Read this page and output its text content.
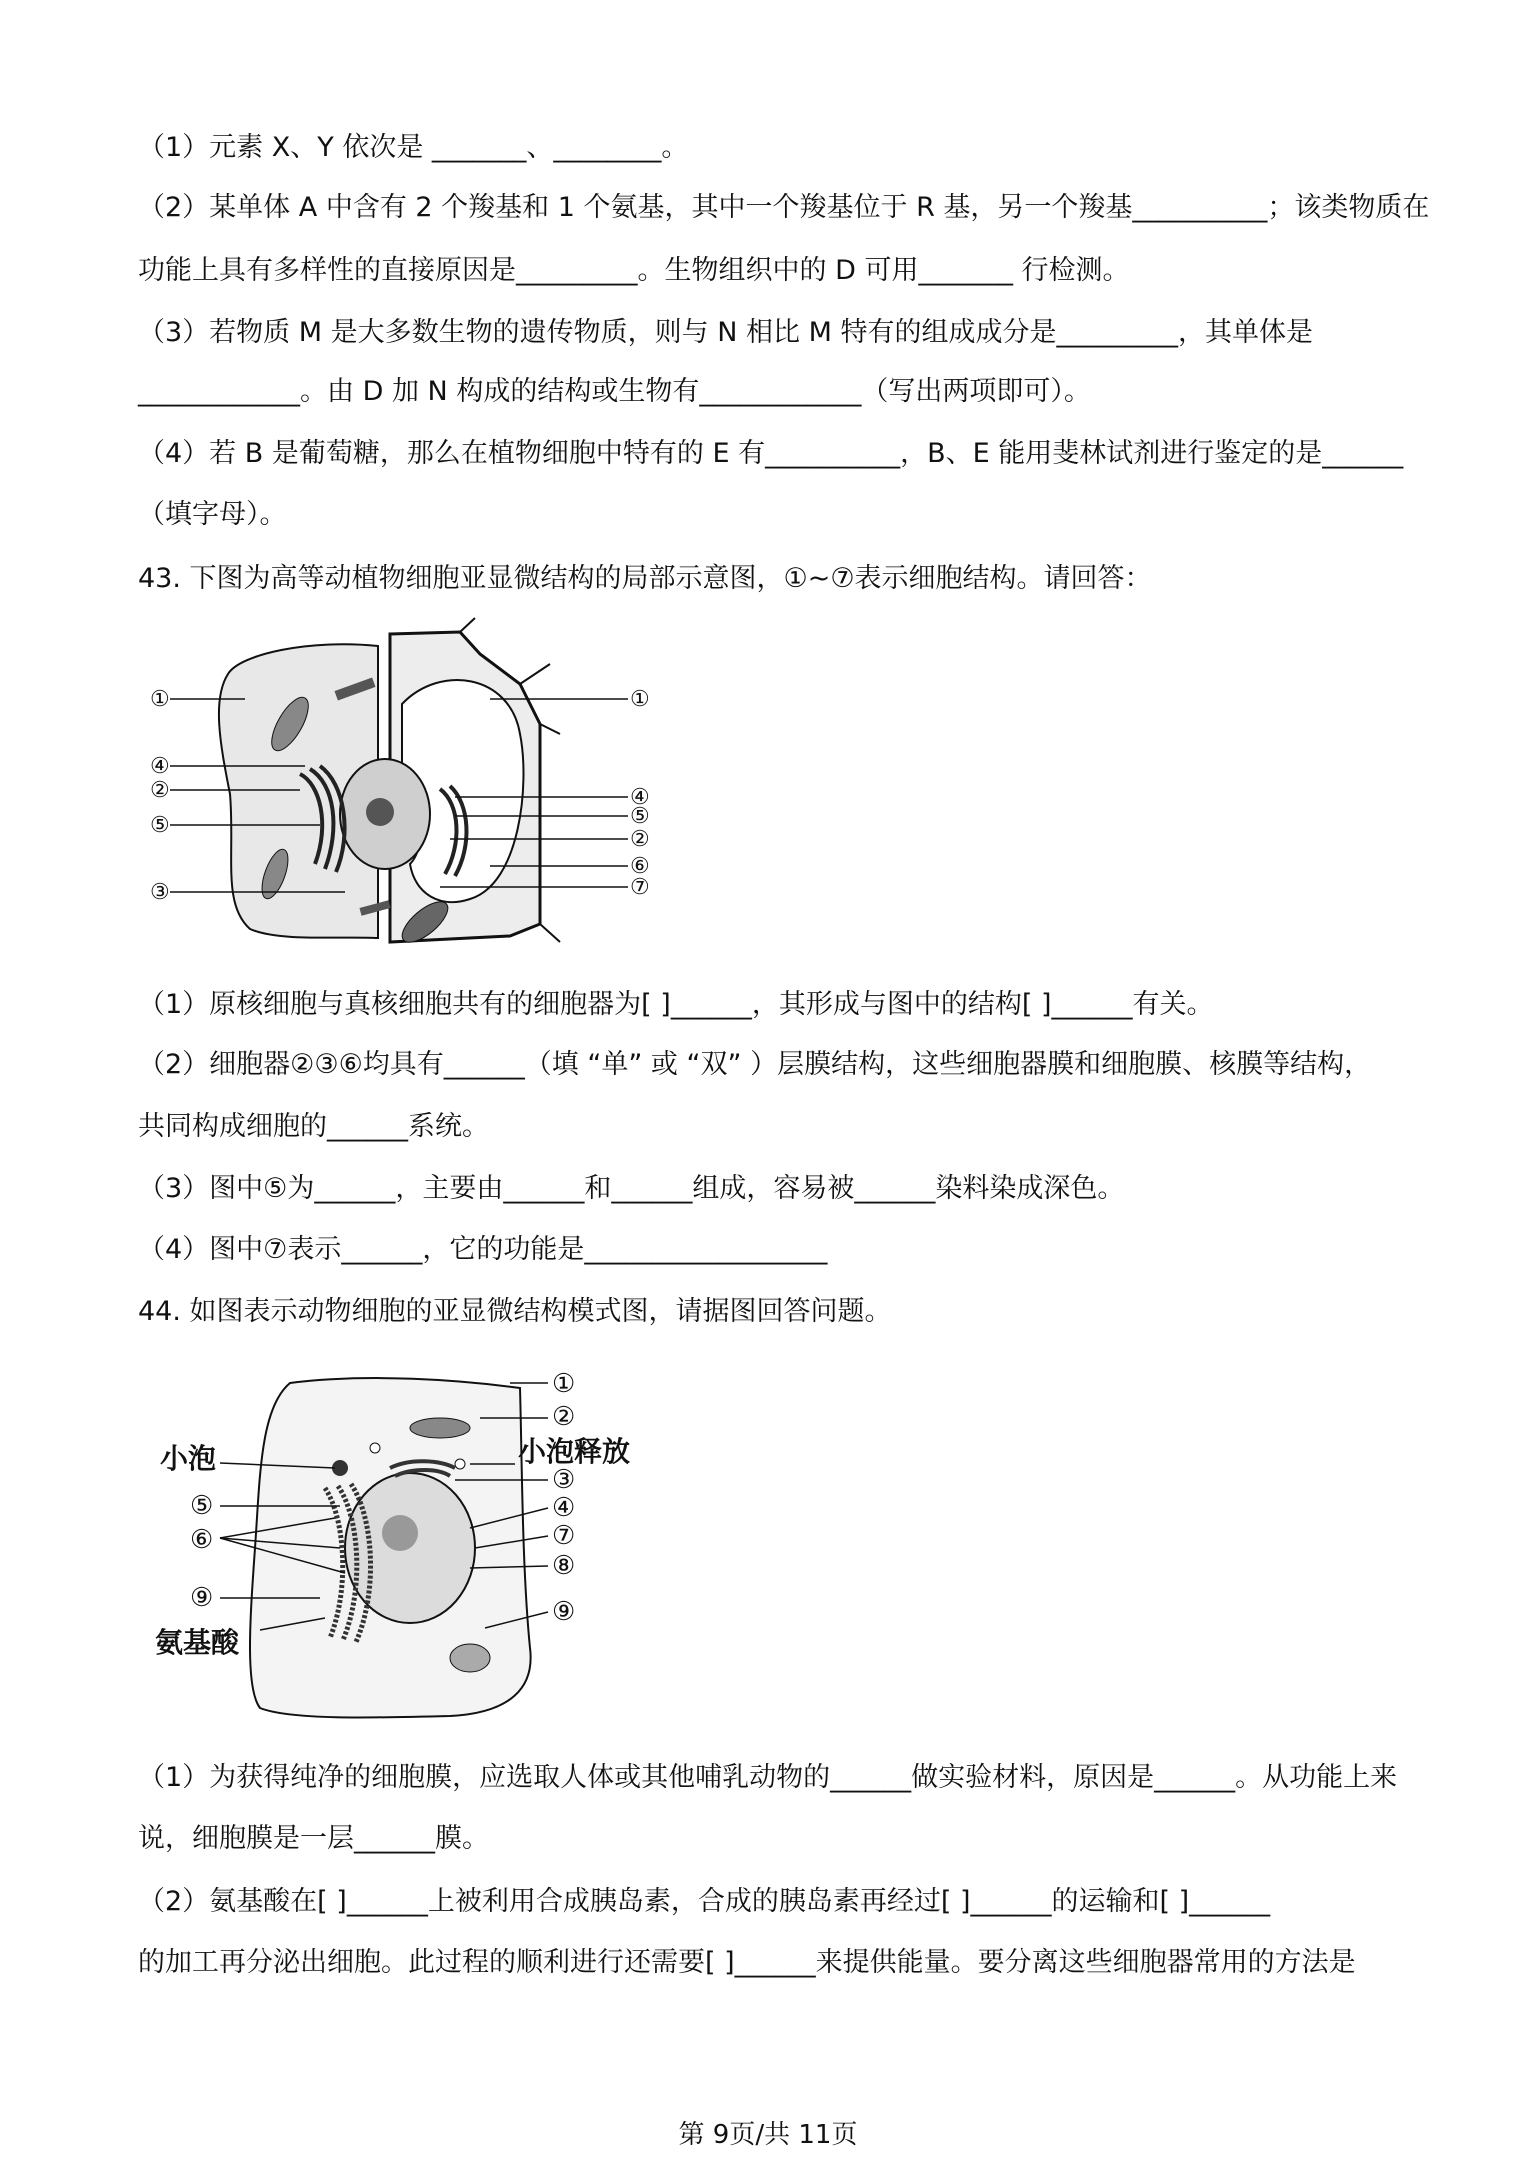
（1）元素 X、Y 依次是 _______、________。
（2）某单体 A 中含有 2 个羧基和 1 个氨基，其中一个羧基位于 R 基，另一个羧基__________；该类物质在
功能上具有多样性的直接原因是_________。生物组织中的 D 可用_______ 行检测。
（3）若物质 M 是大多数生物的遗传物质，则与 N 相比 M 特有的组成成分是_________，其单体是
____________。由 D 加 N 构成的结构或生物有____________（写出两项即可）。
（4）若 B 是葡萄糖，那么在植物细胞中特有的 E 有__________，B、E 能用斐林试剂进行鉴定的是______
（填字母）。
43. 下图为高等动植物细胞亚显微结构的局部示意图，①~⑦表示细胞结构。请回答：
①
④
②
⑤
③
①
④
⑤
②
⑥
⑦
（1）原核细胞与真核细胞共有的细胞器为[ ]______，其形成与图中的结构[ ]______有关。
（2）细胞器②③⑥均具有______（填 “单” 或 “双” ）层膜结构，这些细胞器膜和细胞膜、核膜等结构，
共同构成细胞的______系统。
（3）图中⑤为______，主要由______和______组成，容易被______染料染成深色。
（4）图中⑦表示______，它的功能是__________________
44. 如图表示动物细胞的亚显微结构模式图，请据图回答问题。
小泡
⑤
⑥
⑨
氨基酸
①
②
小泡释放
③
④
⑦
⑧
⑨
（1）为获得纯净的细胞膜，应选取人体或其他哺乳动物的______做实验材料，原因是______。从功能上来
说，细胞膜是一层______膜。
（2）氨基酸在[ ]______上被利用合成胰岛素，合成的胰岛素再经过[ ]______的运输和[ ]______
的加工再分泌出细胞。此过程的顺利进行还需要[ ]______来提供能量。要分离这些细胞器常用的方法是
第 9页/共 11页
